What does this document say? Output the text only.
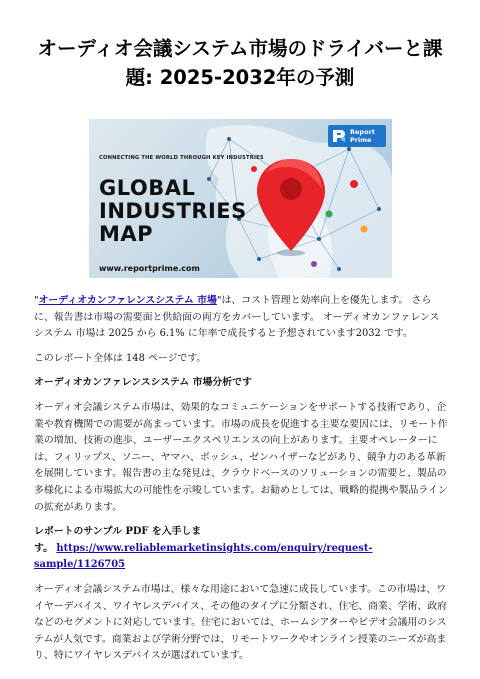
オーディオ会議システム市場のドライバーと課
題: 2025-2032年の予測
Report
Prime
CONNECTING THE WORLD THROUGH KEY INDUSTRIES
GLOBAL
INDUSTRIES
MAP
www.reportprime.com

"オーディオカンファレンスシステム 市場"は、コスト管理と効率向上を優先します。 さらに、報告書は市場の需要面と供給面の両方をカバーしています。 オーディオカンファレンスシステム 市場は 2025 から 6.1% に年率で成長すると予想されています2032 です。

このレポート全体は 148 ページです。

オーディオカンファレンスシステム 市場分析です

オーディオ会議システム市場は、効果的なコミュニケーションをサポートする技術であり、企業や教育機関での需要が高まっています。市場の成長を促進する主要な要因には、リモート作業の増加、技術の進歩、ユーザーエクスペリエンスの向上があります。主要オペレーターには、フィリップス、ソニー、ヤマハ、ボッシュ、ゼンハイザーなどがあり、競争力のある革新を展開しています。報告書の主な発見は、クラウドベースのソリューションの需要と、製品の多様化による市場拡大の可能性を示唆しています。お勧めとしては、戦略的提携や製品ラインの拡充があります。

レポートのサンプル PDF を入手しま
す。 https://www.reliablemarketinsights.com/enquiry/request-sample/1126705

オーディオ会議システム市場は、様々な用途において急速に成長しています。この市場は、ワイヤーデバイス、ワイヤレスデバイス、その他のタイプに分類され、住宅、商業、学術、政府などのセグメントに対応しています。住宅においては、ホームシアターやビデオ会議用のシステムが人気です。商業および学術分野では、リモートワークやオンライン授業のニーズが高まり、特にワイヤレスデバイスが選ばれています。
